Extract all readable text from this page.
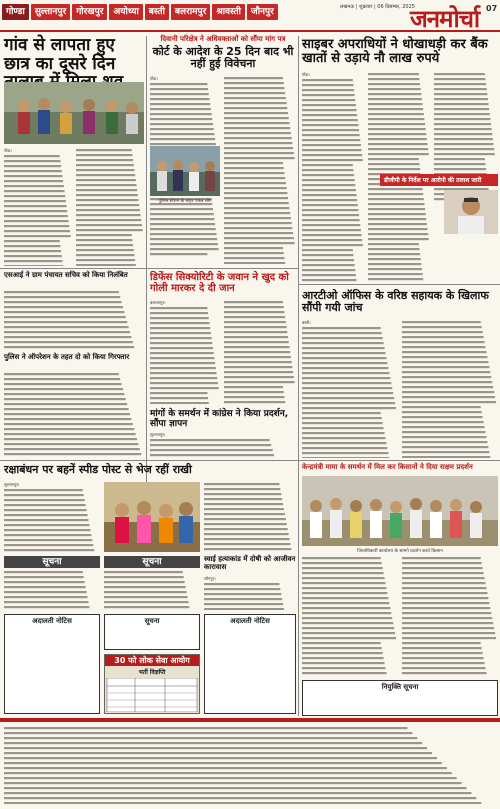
गोण्डा	सुल्तानपुर	गोरखपुर	अयोध्या	बस्ती	बलरामपुर	श्रावस्ती	जौनपुर	लखनऊ | शुक्रवार | 06 दिसम्बर, 2025
जनमोर्चा 07
गांव से लापता हुए छात्र का दूसरे दिन
गोंडा।
दिवानी परिक्षेत्र ने अधिवक्ताओं को सौंपा मांग पत्र
कोर्ट के आदेश के 25 दिन बाद भी नहीं हुई विवेचना
गोंडा।
पुलिस स्टेशन के बाहर एकत्र लोग
साइबर अपराधियों ने धोखाधड़ी कर बैंक खातों से उड़ाये नौ लाख रुपये
गोंडा।
डीजीपी के निर्देश पर आरोपी की तलाश जारी
आरटीओ ऑफिस के वरिष्ठ सहायक के खिलाफ सौंपी गयी जांच
बस्ती।
डिफेंस सिक्योरिटी के जवान ने खुद को गोली मारकर दे दी जान
बलरामपुर।
एसआई ने ग्राम पंचायत सचिव को किया निलंबित
पुलिस ने ऑपरेशन के तहत दो को किया गिरफ्तार
मांगों के समर्थन में कांग्रेस ने किया प्रदर्शन, सौंपा ज्ञापन
सुल्तानपुर।
रक्षाबंधन पर बहनें स्पीड पोस्ट से भेज रहीं राखी
सुल्तानपुर।
केन्द्रमंत्री मामा के समर्थन में मिल कर किसानों ने दिया सक्षम प्रदर्शन
जिलाधिकारी कार्यालय के सामने प्रदर्शन करते किसान
सूचना	सूचना	स्वाई हत्याकांड में दोषी को आजीवन कारावास
जौनपुर।
अदालती नोटिस	सूचना	अदालती नोटिस
नियुक्ति सूचना
30 फो लोक सेवा आयोग
भर्ती विज्ञप्ति
